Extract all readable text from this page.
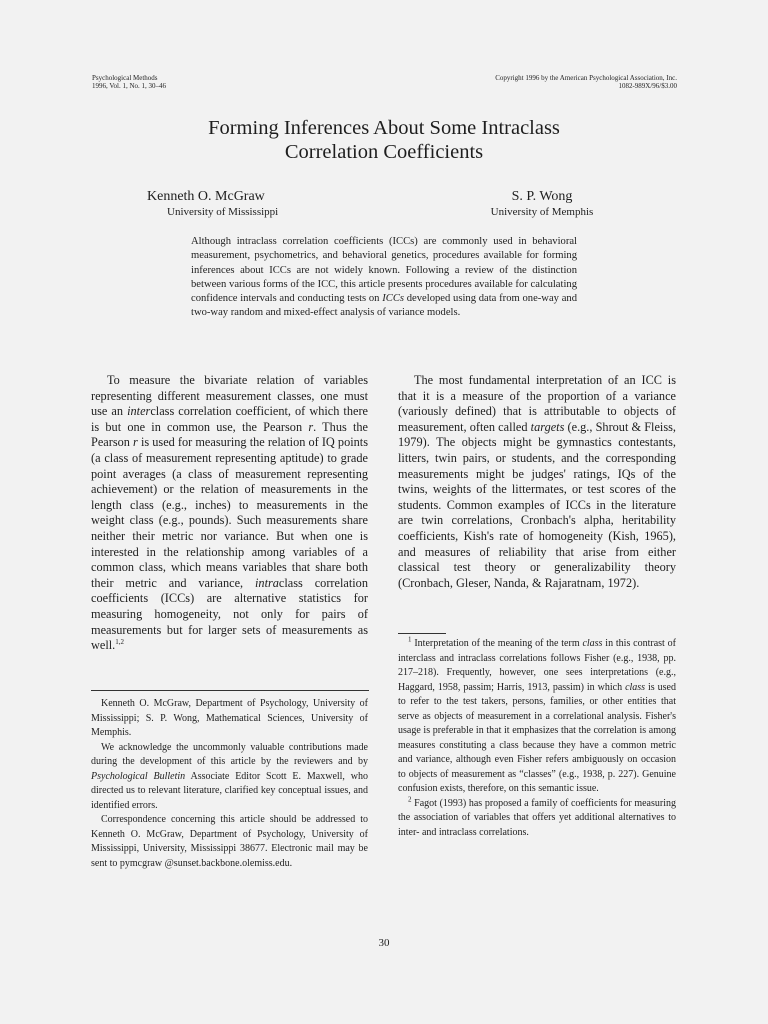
Psychological Methods
1996, Vol. 1, No. 1, 30–46
Copyright 1996 by the American Psychological Association, Inc.
1082-989X/96/$3.00
Forming Inferences About Some Intraclass
Correlation Coefficients
Kenneth O. McGraw
University of Mississippi
S. P. Wong
University of Memphis
Although intraclass correlation coefficients (ICCs) are commonly used in behavioral measurement, psychometrics, and behavioral genetics, procedures available for forming inferences about ICCs are not widely known. Following a review of the distinction between various forms of the ICC, this article presents procedures available for calculating confidence intervals and conducting tests on ICCs developed using data from one-way and two-way random and mixed-effect analysis of variance models.

To measure the bivariate relation of variables representing different measurement classes, one must use an interclass correlation coefficient, of which there is but one in common use, the Pearson r. Thus the Pearson r is used for measuring the relation of IQ points (a class of measurement representing aptitude) to grade point averages (a class of measurement representing achievement) or the relation of measurements in the length class (e.g., inches) to measurements in the weight class (e.g., pounds). Such measurements share neither their metric nor variance. But when one is interested in the relationship among variables of a common class, which means variables that share both their metric and variance, intraclass correlation coefficients (ICCs) are alternative statistics for measuring homogeneity, not only for pairs of measurements but for larger sets of measurements as well.$^{1,2}$

Kenneth O. McGraw, Department of Psychology, University of Mississippi; S. P. Wong, Mathematical Sciences, University of Memphis.

We acknowledge the uncommonly valuable contributions made during the development of this article by the reviewers and by Psychological Bulletin Associate Editor Scott E. Maxwell, who directed us to relevant literature, clarified key conceptual issues, and identified errors.

Correspondence concerning this article should be addressed to Kenneth O. McGraw, Department of Psychology, University of Mississippi, University, Mississippi 38677. Electronic mail may be sent to pymcgraw @sunset.backbone.olemiss.edu.

The most fundamental interpretation of an ICC is that it is a measure of the proportion of a variance (variously defined) that is attributable to objects of measurement, often called targets (e.g., Shrout & Fleiss, 1979). The objects might be gymnastics contestants, litters, twin pairs, or students, and the corresponding measurements might be judges' ratings, IQs of the twins, weights of the littermates, or test scores of the students. Common examples of ICCs in the literature are twin correlations, Cronbach's alpha, heritability coefficients, Kish's rate of homogeneity (Kish, 1965), and measures of reliability that arise from either classical test theory or generalizability theory (Cronbach, Gleser, Nanda, & Rajaratnam, 1972).

$^1$ Interpretation of the meaning of the term class in this contrast of interclass and intraclass correlations follows Fisher (e.g., 1938, pp. 217–218). Frequently, however, one sees interpretations (e.g., Haggard, 1958, passim; Harris, 1913, passim) in which class is used to refer to the test takers, persons, families, or other entities that serve as objects of measurement in a correlational analysis. Fisher's usage is preferable in that it emphasizes that the correlation is among measures constituting a class because they have a common metric and variance, although even Fisher refers ambiguously on occasion to objects of measurement as “classes” (e.g., 1938, p. 227). Genuine confusion exists, therefore, on this semantic issue.

$^2$ Fagot (1993) has proposed a family of coefficients for measuring the association of variables that offers yet additional alternatives to inter- and intraclass correlations.

30
